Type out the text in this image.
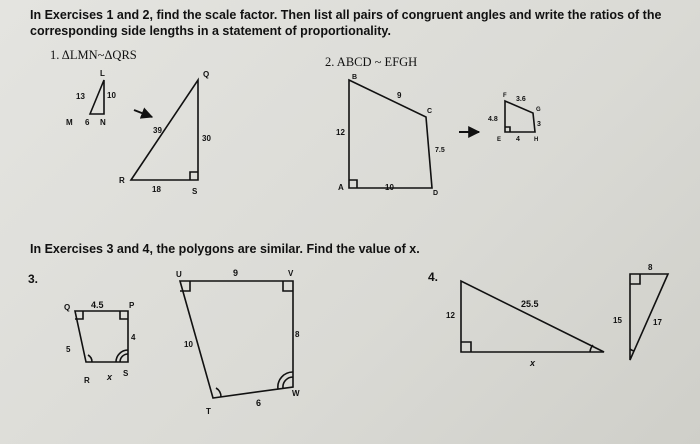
In Exercises 1 and 2, find the scale factor. Then list all pairs of congruent angles and write the ratios of the
corresponding side lengths in a statement of proportionality.
1. ΔLMN~ΔQRS	2. ABCD ~ EFGH
In Exercises 3 and 4, the polygons are similar. Find the value of x.
3.	4.
L
M 6 N
13	10
Q
R
S
39
30
18
B
A
C
D
9
12
10
7.5
F 3.6
G
4.8
3
E 4 H
Q 4.5	P
4
5
R x S
U	9	V
8
10
W
6
T
12
25.5
x
8
15	17
